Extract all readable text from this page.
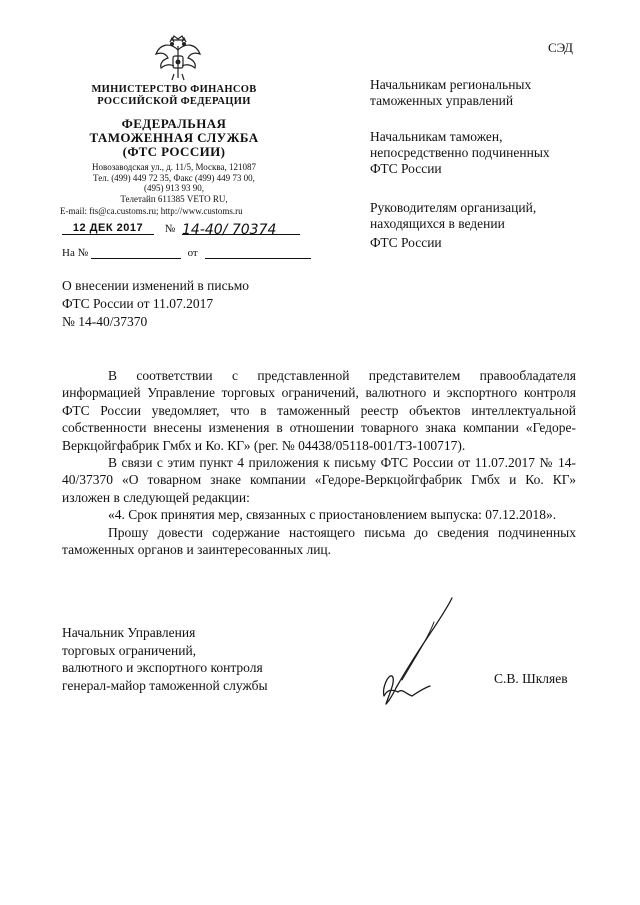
СЭД
МИНИСТЕРСТВО ФИНАНСОВ
РОССИЙСКОЙ ФЕДЕРАЦИИ
ФЕДЕРАЛЬНАЯ
ТАМОЖЕННАЯ СЛУЖБА
(ФТС РОССИИ)
Новозаводская ул., д. 11/5, Москва, 121087
Тел. (499) 449 72 35, Факс (499) 449 73 00,
(495) 913 93 90,
Телетайп 611385 VETO RU,
E-mail: fts@ca.customs.ru; http://www.customs.ru
12 ДЕК 2017 № 14-40/ 70374
На №	от
Начальникам региональных
таможенных управлений
Начальникам таможен,
непосредственно подчиненных
ФТС России
Руководителям организаций,
находящихся в ведении
ФТС России
О внесении изменений в письмо
ФТС России от 11.07.2017
№ 14-40/37370

В соответствии с представленной представителем правообладателя информацией Управление торговых ограничений, валютного и экспортного контроля ФТС России уведомляет, что в таможенный реестр объектов интеллектуальной собственности внесены изменения в отношении товарного знака компании «Гедоре-Веркцойгфабрик Гмбх и Ко. КГ» (рег. № 04438/05118-001/ТЗ-100717).

В связи с этим пункт 4 приложения к письму ФТС России от 11.07.2017 № 14-40/37370 «О товарном знаке компании «Гедоре-Веркцойгфабрик Гмбх и Ко. КГ» изложен в следующей редакции:

«4. Срок принятия мер, связанных с приостановлением выпуска: 07.12.2018».

Прошу довести содержание настоящего письма до сведения подчиненных таможенных органов и заинтересованных лиц.

Начальник Управления
торговых ограничений,
валютного и экспортного контроля
генерал-майор таможенной службы	С.В. Шкляев
